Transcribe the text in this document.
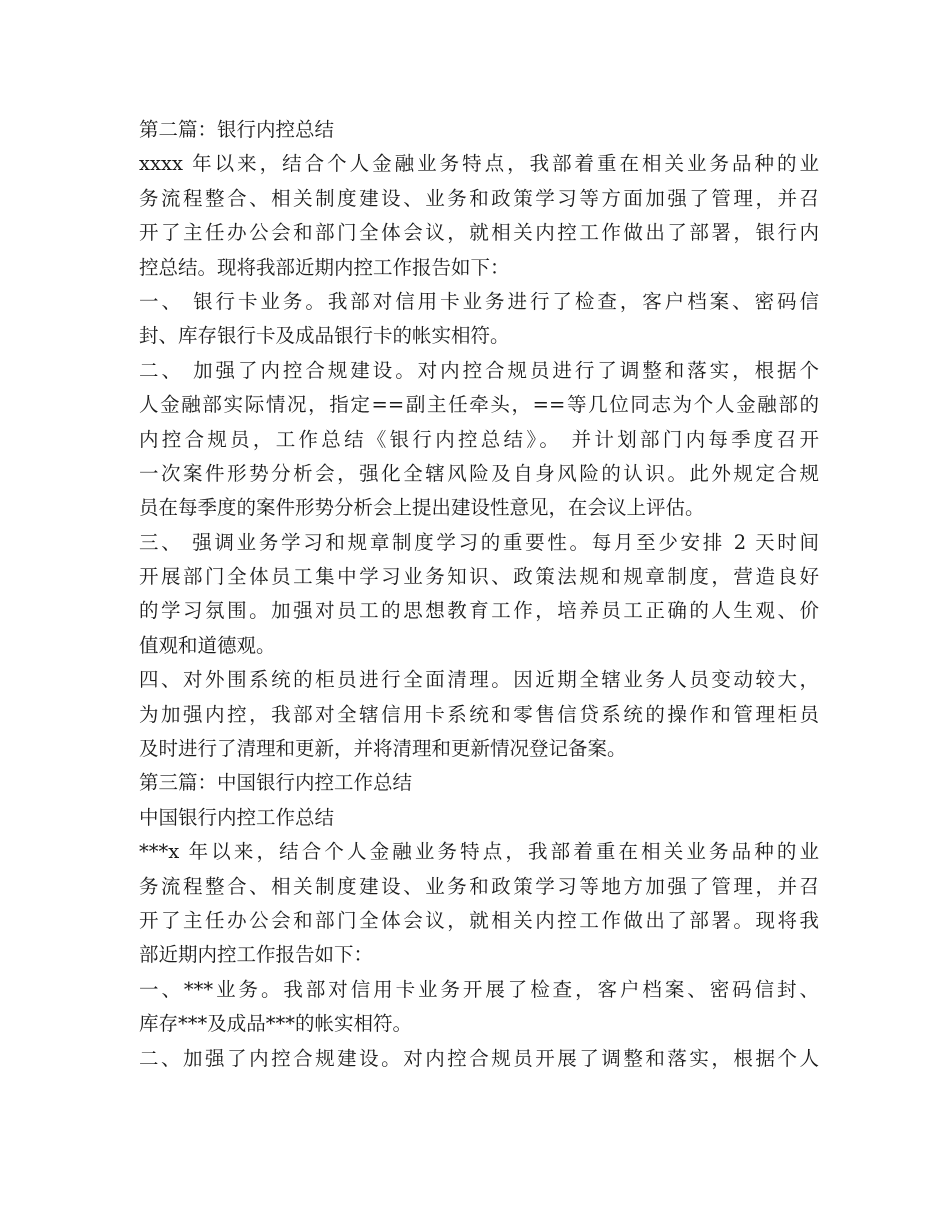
第二篇：银行内控总结
xxxx 年以来，结合个人金融业务特点，我部着重在相关业务品种的业
务流程整合、相关制度建设、业务和政策学习等方面加强了管理，并召
开了主任办公会和部门全体会议，就相关内控工作做出了部署，银行内
控总结。现将我部近期内控工作报告如下：
一、 银行卡业务。我部对信用卡业务进行了检查，客户档案、密码信
封、库存银行卡及成品银行卡的帐实相符。
二、 加强了内控合规建设。对内控合规员进行了调整和落实，根据个
人金融部实际情况，指定==副主任牵头，==等几位同志为个人金融部的
内控合规员，工作总结《银行内控总结》。 并计划部门内每季度召开
一次案件形势分析会，强化全辖风险及自身风险的认识。此外规定合规
员在每季度的案件形势分析会上提出建设性意见，在会议上评估。
三、 强调业务学习和规章制度学习的重要性。每月至少安排 2 天时间
开展部门全体员工集中学习业务知识、政策法规和规章制度，营造良好
的学习氛围。加强对员工的思想教育工作，培养员工正确的人生观、价
值观和道德观。
四、对外围系统的柜员进行全面清理。因近期全辖业务人员变动较大，
为加强内控，我部对全辖信用卡系统和零售信贷系统的操作和管理柜员
及时进行了清理和更新，并将清理和更新情况登记备案。
第三篇：中国银行内控工作总结
中国银行内控工作总结
***x 年以来，结合个人金融业务特点，我部着重在相关业务品种的业
务流程整合、相关制度建设、业务和政策学习等地方加强了管理，并召
开了主任办公会和部门全体会议，就相关内控工作做出了部署。现将我
部近期内控工作报告如下：
一、***业务。我部对信用卡业务开展了检查，客户档案、密码信封、
库存***及成品***的帐实相符。
二、加强了内控合规建设。对内控合规员开展了调整和落实，根据个人
